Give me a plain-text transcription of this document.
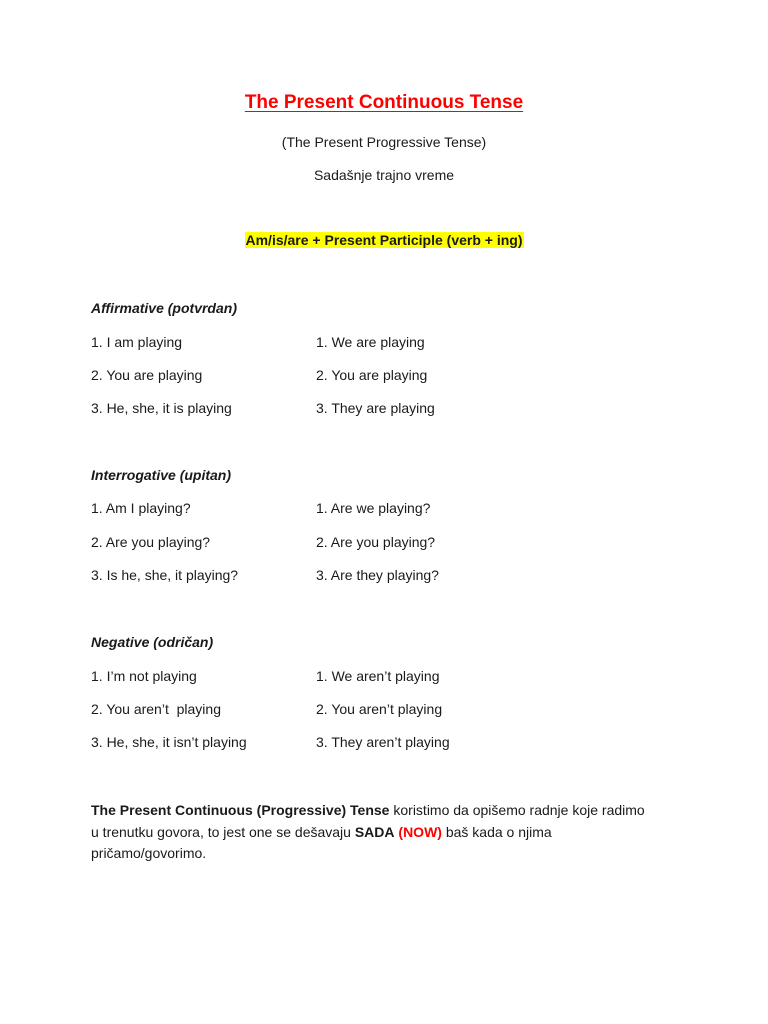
The Present Continuous Tense
(The Present Progressive Tense)
Sadašnje trajno vreme
Am/is/are + Present Participle (verb + ing)
Affirmative (potvrdan)
1. I am playing	1. We are playing
2. You are playing	2. You are playing
3. He, she, it is playing	3. They are playing
Interrogative (upitan)
1. Am I playing?	1. Are we playing?
2. Are you playing?	2. Are you playing?
3. Is he, she, it playing?	3. Are they playing?
Negative (odričan)
1. I’m not playing	1. We aren’t playing
2. You aren’t  playing	2. You aren’t playing
3. He, she, it isn’t playing	3. They aren’t playing
The Present Continuous (Progressive) Tense koristimo da opišemo radnje koje radimo u trenutku govora, to jest one se dešavaju SADA (NOW) baš kada o njima pričamo/govorimo.
